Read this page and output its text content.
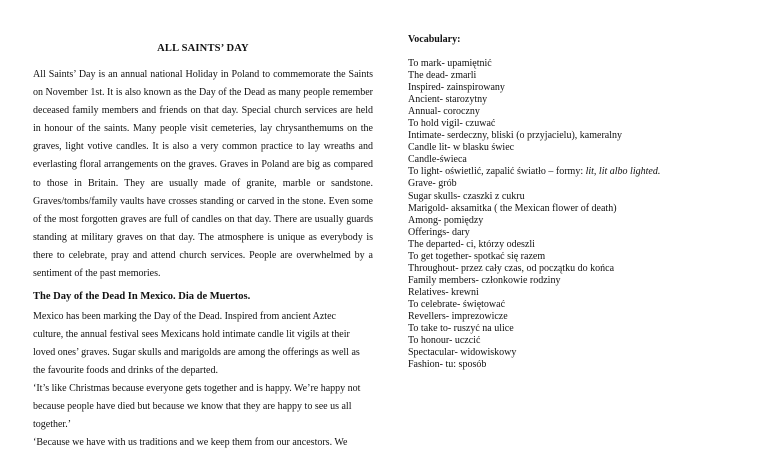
ALL SAINTS’ DAY

All Saints’ Day is an annual national Holiday in Poland to commemorate the Saints on November 1st. It is also known as the Day of the Dead as many people remember deceased family members and friends on that day. Special church services are held in honour of the saints. Many people visit cemeteries, lay chrysanthemums on the graves, light votive candles. It is also a very common practice to lay wreaths and everlasting floral arrangements on the graves. Graves in Poland are big as compared to those in Britain. They are usually made of granite, marble or sandstone. Graves/tombs/family vaults have crosses standing or carved in the stone. Even some of the most forgotten graves are full of candles on that day. There are usually guards standing at military graves on that day. The atmosphere is unique as everybody is there to celebrate, pray and attend church services. People are overwhelmed by a sentiment of the past memories.

The Day of the Dead In Mexico. Dia de Muertos.
Mexico has been marking the Day of the Dead. Inspired from ancient Aztec
culture, the annual festival sees Mexicans hold intimate candle lit vigils at their
loved ones’ graves. Sugar skulls and marigolds are among the offerings as well as
the favourite foods and drinks of the departed.
‘It’s like Christmas because everyone gets together and is happy. We’re happy not
because people have died but because we know that they are happy to see us all
together.’
‘Because we have with us traditions and we keep them from our ancestors. We
Vocabulary:
To mark- upamiętnić
The dead- zmarli
Inspired- zainspirowany
Ancient- starozytny
Annual- coroczny
To hold vigil- czuwać
Intimate- serdeczny, bliski (o przyjacielu), kameralny
Candle lit- w blasku świec
Candle-świeca
To light- oświetlić, zapalić światło – formy: lit, lit albo lighted.
Grave- grób
Sugar skulls- czaszki z cukru
Marigold- aksamitka ( the Mexican flower of death)
Among- pomiędzy
Offerings- dary
The departed- ci, którzy odeszli
To get together- spotkać się razem
Throughout- przez cały czas, od początku do końca
Family members- członkowie rodziny
Relatives- krewni
To celebrate- świętować
Revellers- imprezowicze
To take to- ruszyć na ulice
To honour- uczcić
Spectacular- widowiskowy
Fashion- tu: sposób
